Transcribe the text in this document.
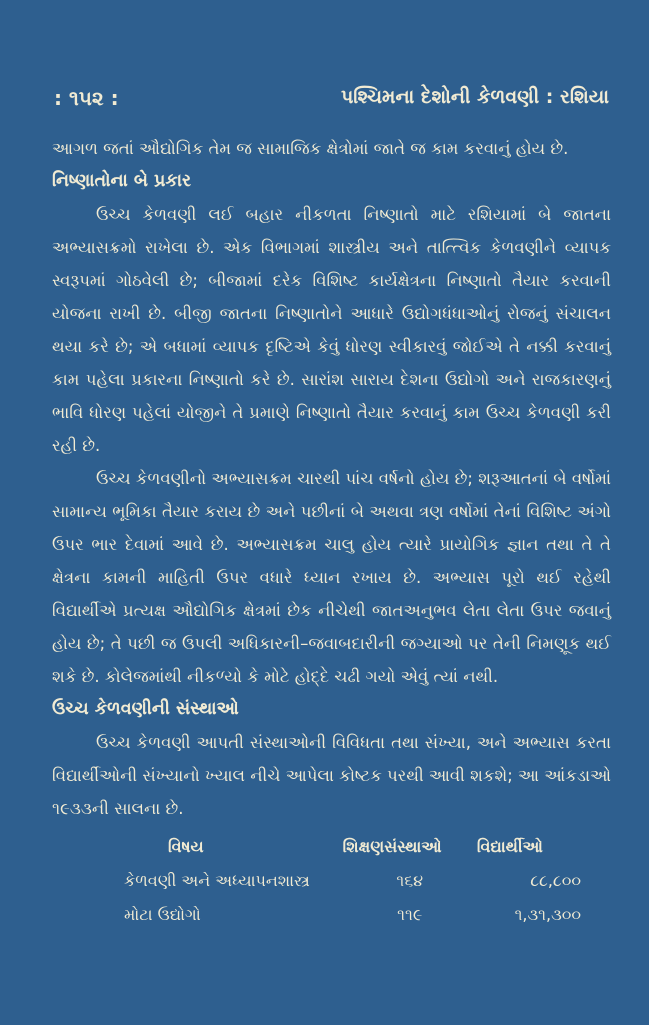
: ૧૫૨ :	પશ્ચિમના દેશોની કેળવણી : રશિયા

આગળ જતાં ઔદ્યોગિક તેમ જ સામાજિક ક્ષેત્રોમાં જાતે જ કામ કરવાનું હોય છે.

નિષ્ણાતોના બે પ્રકાર

ઉચ્ચ કેળવણી લઈ બહાર નીકળતા નિષ્ણાતો માટે રશિયામાં બે જાતના અભ્યાસક્રમો રાખેલા છે. એક વિભાગમાં શાસ્ત્રીય અને તાત્ત્વિક કેળવણીને વ્યાપક સ્વરૂપમાં ગોઠવેલી છે; બીજામાં દરેક વિશિષ્ટ કાર્યક્ષેત્રના નિષ્ણાતો તૈયાર કરવાની યોજના રાખી છે. બીજી જાતના નિષ્ણાતોને આધારે ઉદ્યોગધંધાઓનું રોજનું સંચાલન થયા કરે છે; એ બધામાં વ્યાપક દૃષ્ટિએ કેવું ધોરણ સ્વીકારવું જોઈએ તે નક્કી કરવાનું કામ પહેલા પ્રકારના નિષ્ણાતો કરે છે. સારાંશ સારાય દેશના ઉદ્યોગો અને રાજકારણનું ભાવિ ધોરણ પહેલાં યોજીને તે પ્રમાણે નિષ્ણાતો તૈયાર કરવાનું કામ ઉચ્ચ કેળવણી કરી રહી છે.

ઉચ્ચ કેળવણીનો અભ્યાસક્રમ ચારથી પાંચ વર્ષનો હોય છે; શરૂઆતનાં બે વર્ષોમાં સામાન્ય ભૂમિકા તૈયાર કરાય છે અને પછીનાં બે અથવા ત્રણ વર્ષોમાં તેનાં વિશિષ્ટ અંગો ઉપર ભાર દેવામાં આવે છે. અભ્યાસક્રમ ચાલુ હોય ત્યારે પ્રાયોગિક જ્ઞાન તથા તે તે ક્ષેત્રના કામની માહિતી ઉપર વધારે ધ્યાન રખાય છે. અભ્યાસ પૂરો થઈ રહેથી વિદ્યાર્થીએ પ્રત્યક્ષ ઔદ્યોગિક ક્ષેત્રમાં છેક નીચેથી જાતઅનુભવ લેતા લેતા ઉપર જવાનું હોય છે; તે પછી જ ઉપલી અધિકારની–જવાબદારીની જગ્યાઓ પર તેની નિમણૂક થઈ શકે છે. કોલેજમાંથી નીકળ્યો કે મોટે હોદ્દે ચઢી ગયો એવું ત્યાં નથી.

ઉચ્ચ કેળવણીની સંસ્થાઓ

ઉચ્ચ કેળવણી આપતી સંસ્થાઓની વિવિધતા તથા સંખ્યા, અને અભ્યાસ કરતા વિદ્યાર્થીઓની સંખ્યાનો ખ્યાલ નીચે આપેલા કોષ્ટક પરથી આવી શકશે; આ આંકડાઓ ૧૯૩૩ની સાલના છે.

વિષય	શિક્ષણસંસ્થાઓ	વિદ્યાર્થીઓ
કેળવણી અને અધ્યાપનશાસ્ત્ર	૧૬૪	૮૮,૮૦૦
મોટા ઉદ્યોગો	૧૧૯	૧,૩૧,૩૦૦
